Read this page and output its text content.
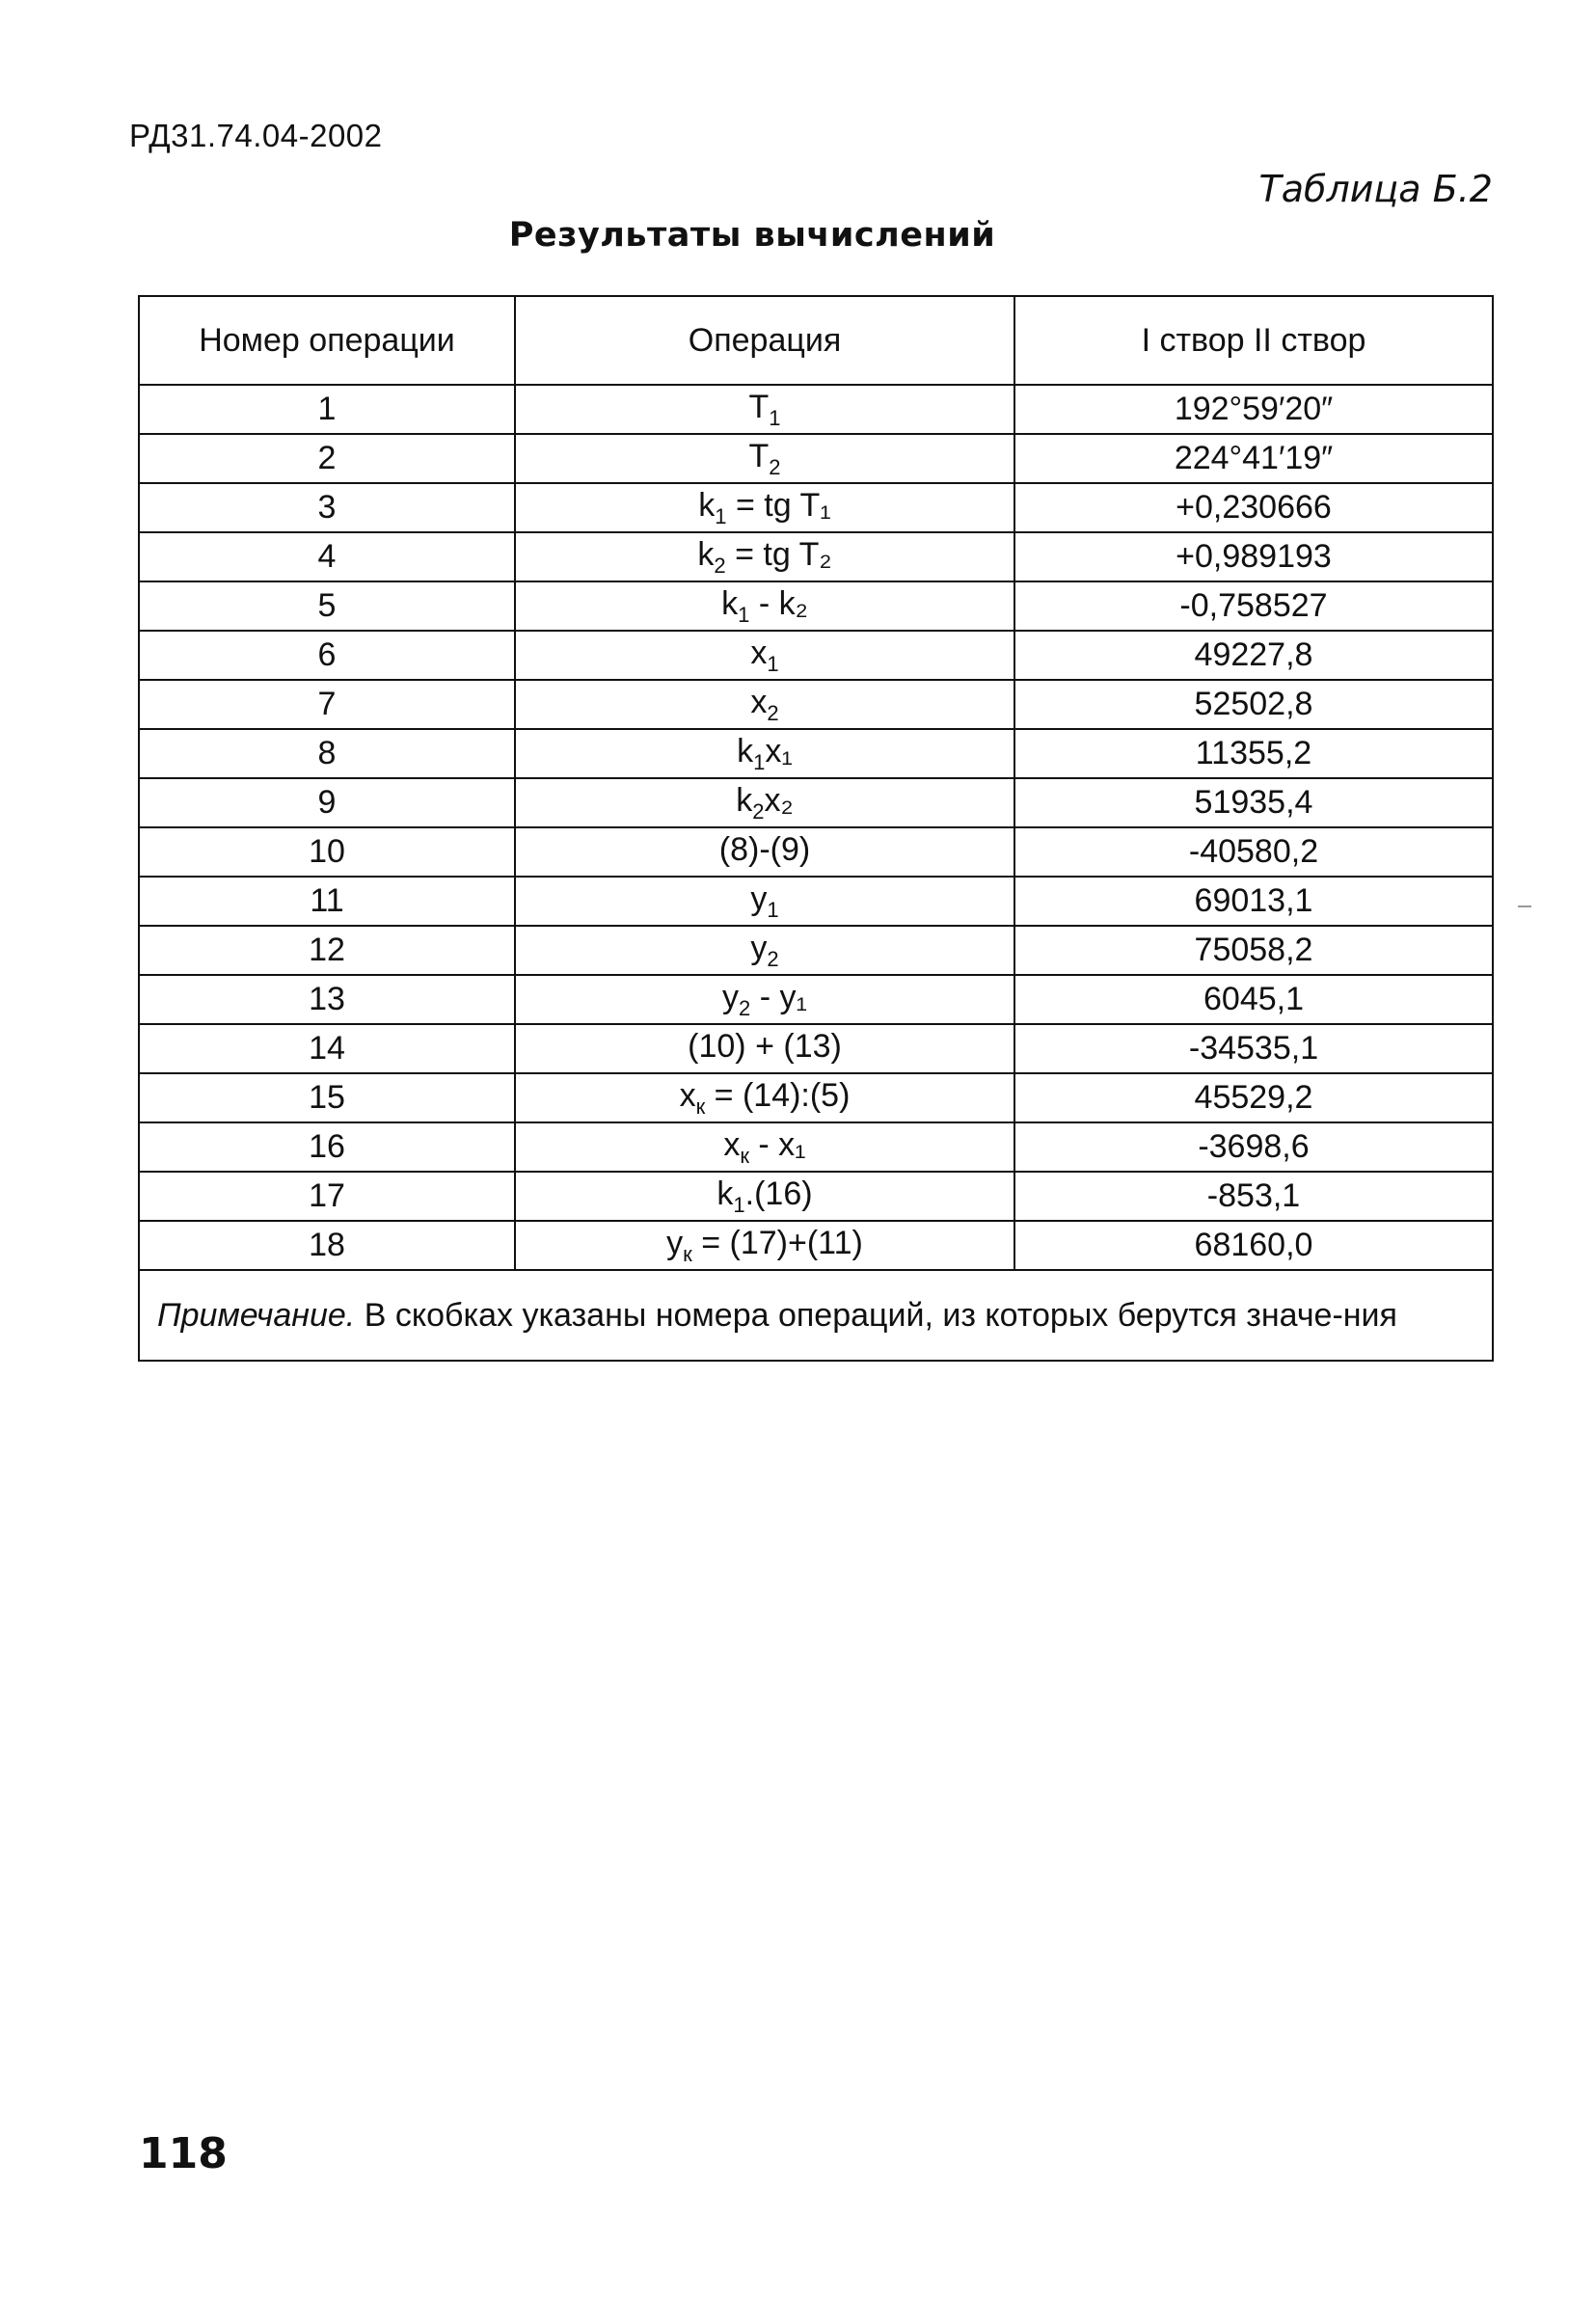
РД31.74.04-2002
Таблица Б.2
Результаты вычислений
Номер операции	Операция	I створ II створ
1	$T_1$	192°59′20″
2	$T_2$	224°41′19″
3	$k_1$ = tg T₁	+0,230666
4	$k_2$ = tg T₂	+0,989193
5	$k_1 - k_2$	-0,758527
6	$x_1$	49227,8
7	$x_2$	52502,8
8	$k_1x_1$	11355,2
9	$k_2x_2$	51935,4
10	(8)-(9)	-40580,2
11	$y_1$	69013,1
12	$y_2$	75058,2
13	$y_2 - y_1$	6045,1
14	(10) + (13)	-34535,1
15	$x_к$ = (14):(5)	45529,2
16	$x_к - x_1$	-3698,6
17	$k_1.(16)$	-853,1
18	$y_к = (17)+(11)$	68160,0
Примечание. В скобках указаны номера операций, из которых берутся значе-ния		
118
